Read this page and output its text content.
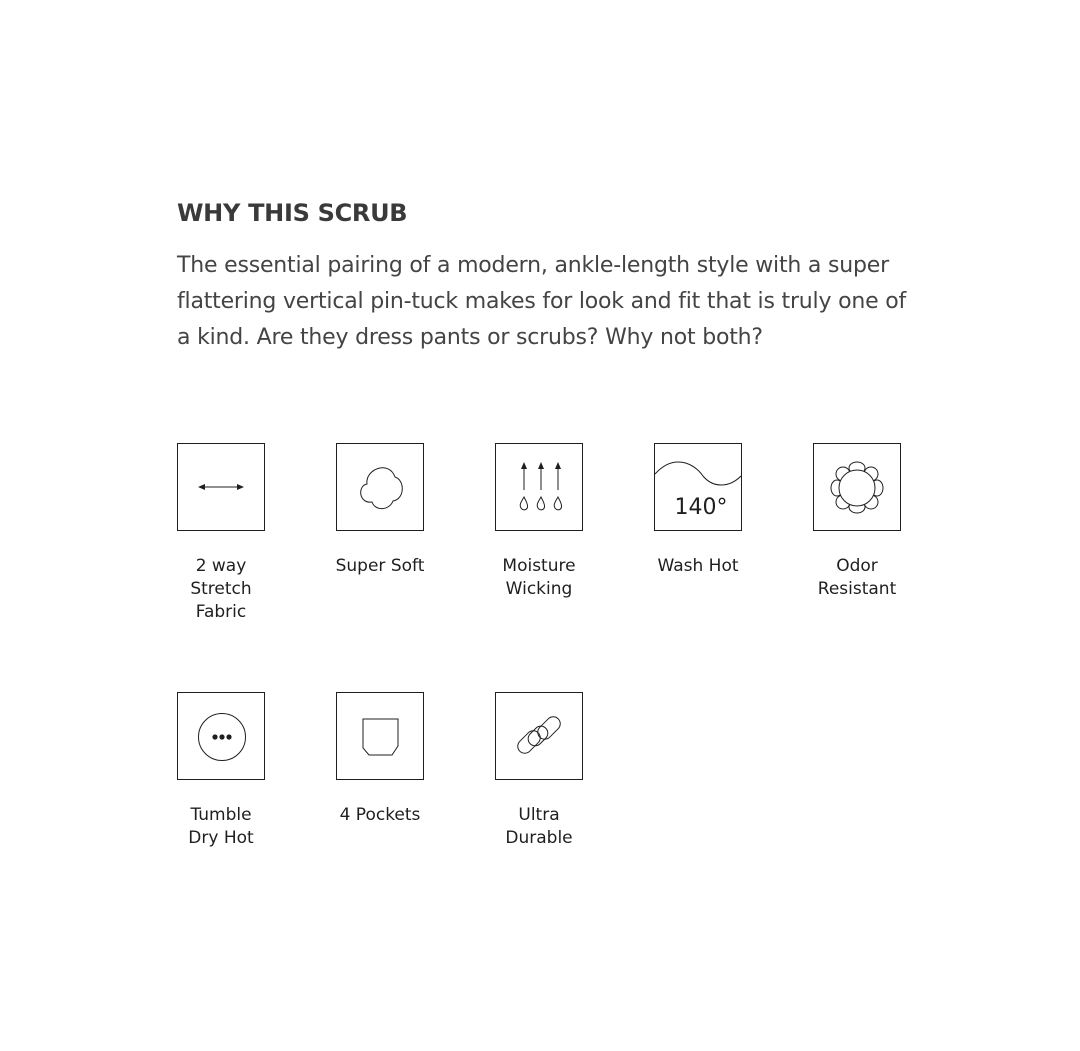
WHY THIS SCRUB

The essential pairing of a modern, ankle-length style with a super flattering vertical pin-tuck makes for look and fit that is truly one of a kind. Are they dress pants or scrubs? Why not both?

2 way
Stretch
Fabric
Super Soft	Moisture
Wicking
140°
Wash Hot	Odor
Resistant
Tumble
Dry Hot
4 Pockets	Ultra
Durable
